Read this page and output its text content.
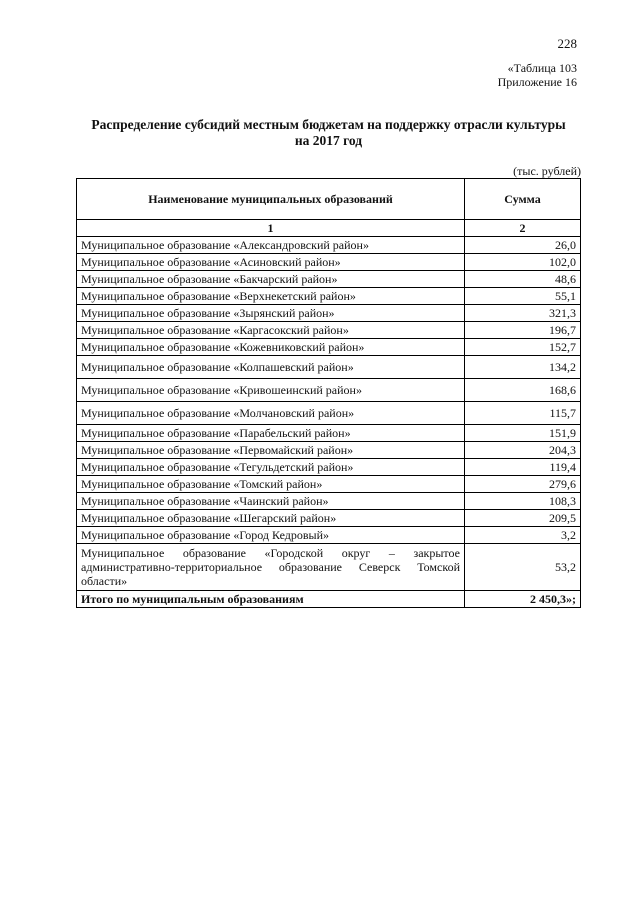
228
«Таблица 103
Приложение 16
Распределение субсидий местным бюджетам на поддержку отрасли культуры
на 2017 год
(тыс. рублей)
Наименование муниципальных образований	Сумма
1	2
Муниципальное образование «Александровский район»	26,0
Муниципальное образование «Асиновский район»	102,0
Муниципальное образование «Бакчарский район»	48,6
Муниципальное образование «Верхнекетский район»	55,1
Муниципальное образование «Зырянский район»	321,3
Муниципальное образование «Каргасокский район»	196,7
Муниципальное образование «Кожевниковский район»	152,7
Муниципальное образование «Колпашевский район»	134,2
Муниципальное образование «Кривошеинский район»	168,6
Муниципальное образование «Молчановский район»	115,7
Муниципальное образование «Парабельский район»	151,9
Муниципальное образование «Первомайский район»	204,3
Муниципальное образование «Тегульдетский район»	119,4
Муниципальное образование «Томский район»	279,6
Муниципальное образование «Чаинский район»	108,3
Муниципальное образование «Шегарский район»	209,5
Муниципальное образование «Город Кедровый»	3,2
Муниципальное образование «Городской округ – закрытое административно-территориальное образование Северск Томской области»	53,2
Итого по муниципальным образованиям	2 450,3»;
